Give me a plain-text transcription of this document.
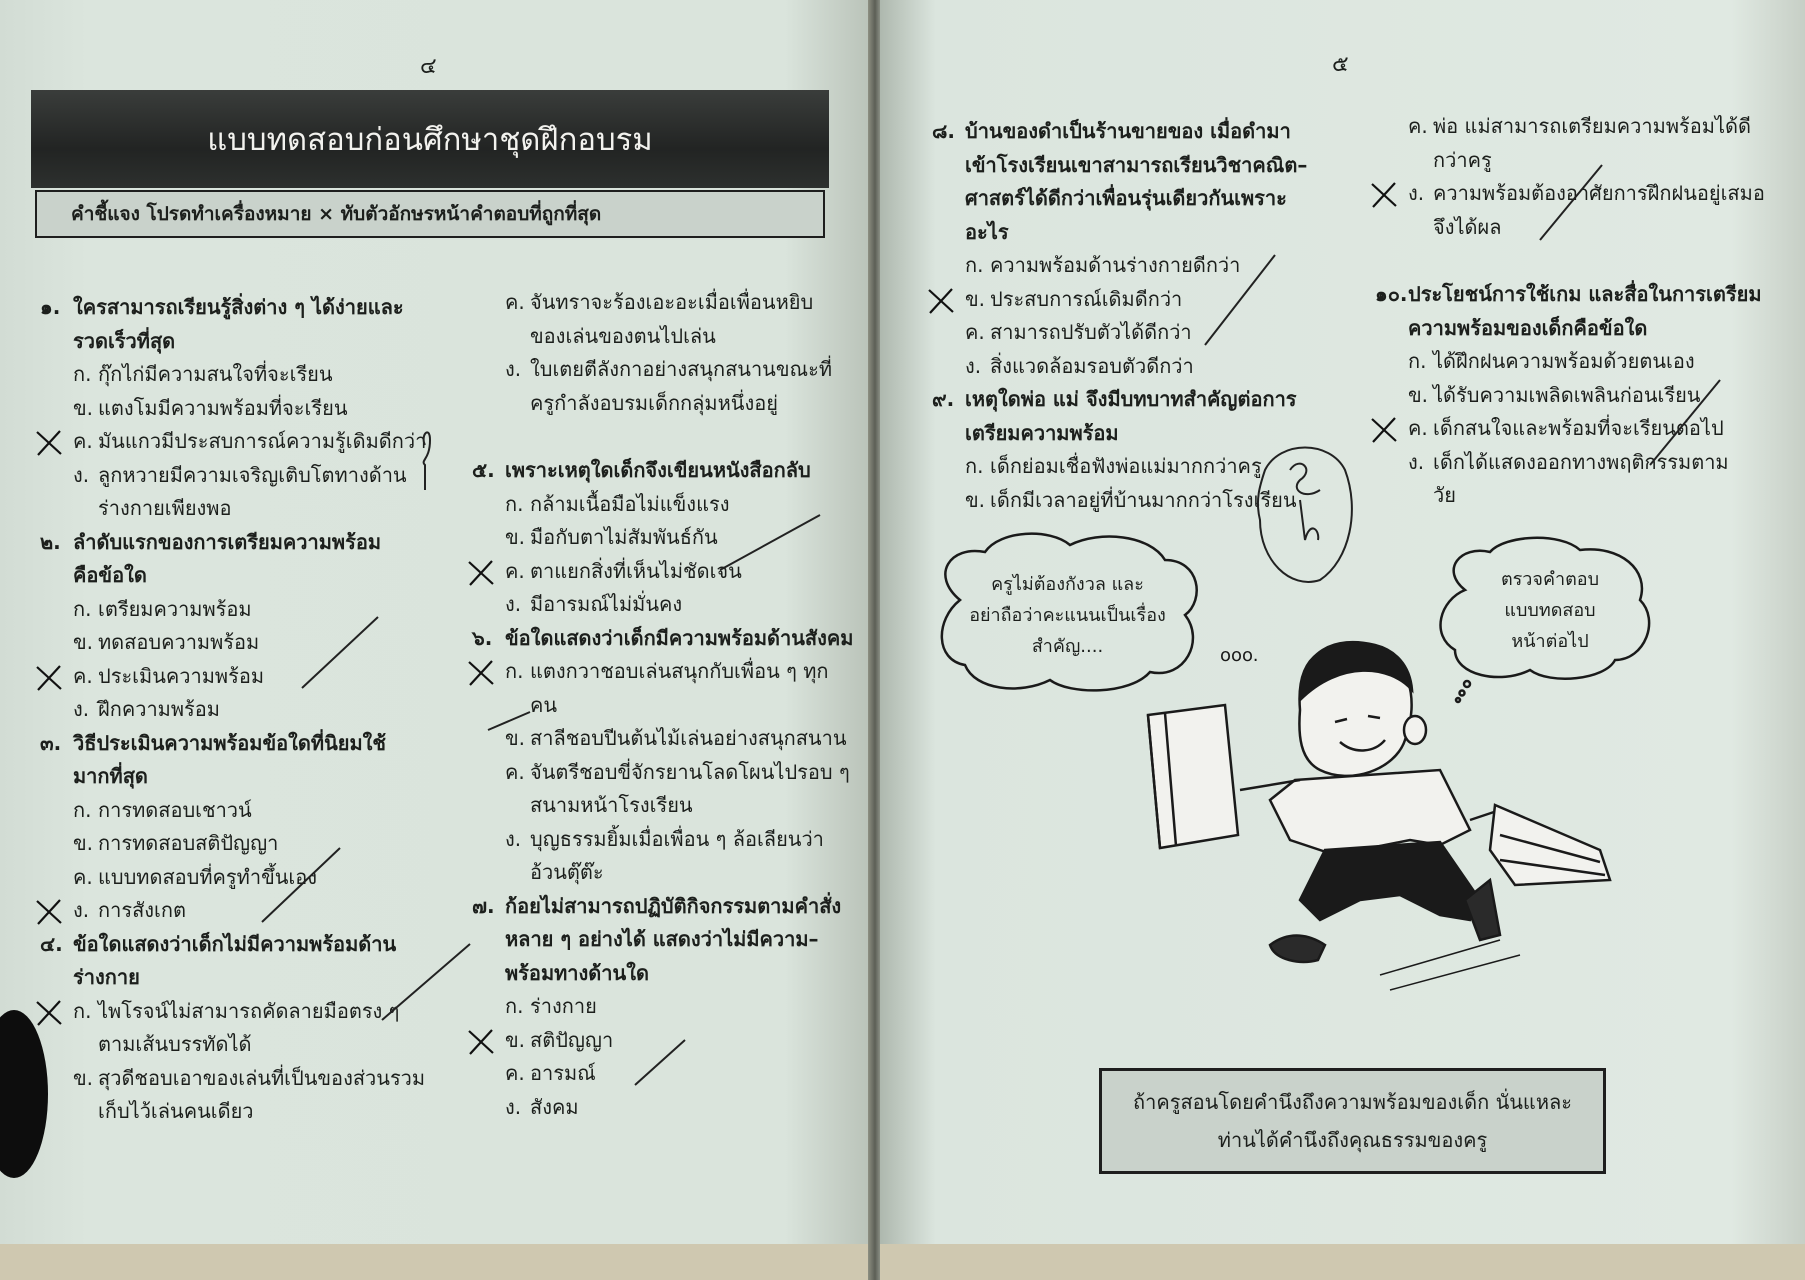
๔
แบบทดสอบก่อนศึกษาชุดฝึกอบรม
คำชี้แจง โปรดทำเครื่องหมาย × ทับตัวอักษรหน้าคำตอบที่ถูกที่สุด
๑. ใครสามารถเรียนรู้สิ่งต่าง ๆ ได้ง่ายและ
รวดเร็วที่สุด
ก. กุ๊กไก่มีความสนใจที่จะเรียน
ข. แตงโมมีความพร้อมที่จะเรียน
ค. มันแกวมีประสบการณ์ความรู้เดิมดีกว่า
ง. ลูกหวายมีความเจริญเติบโตทางด้าน
ร่างกายเพียงพอ
๒. ลำดับแรกของการเตรียมความพร้อม
คือข้อใด
ก. เตรียมความพร้อม
ข. ทดสอบความพร้อม
ค. ประเมินความพร้อม
ง. ฝึกความพร้อม
๓. วิธีประเมินความพร้อมข้อใดที่นิยมใช้
มากที่สุด
ก. การทดสอบเชาวน์
ข. การทดสอบสติปัญญา
ค. แบบทดสอบที่ครูทำขึ้นเอง
ง. การสังเกต
๔. ข้อใดแสดงว่าเด็กไม่มีความพร้อมด้าน
ร่างกาย
ก. ไพโรจน์ไม่สามารถคัดลายมือตรง ๆ
ตามเส้นบรรทัดได้
ข. สุวดีชอบเอาของเล่นที่เป็นของส่วนรวม
เก็บไว้เล่นคนเดียว
ค. จันทราจะร้องเอะอะเมื่อเพื่อนหยิบ
ของเล่นของตนไปเล่น
ง. ใบเตยตีลังกาอย่างสนุกสนานขณะที่
ครูกำลังอบรมเด็กกลุ่มหนึ่งอยู่
๕. เพราะเหตุใดเด็กจึงเขียนหนังสือกลับ
ก. กล้ามเนื้อมือไม่แข็งแรง
ข. มือกับตาไม่สัมพันธ์กัน
ค. ตาแยกสิ่งที่เห็นไม่ชัดเจน
ง. มีอารมณ์ไม่มั่นคง
๖. ข้อใดแสดงว่าเด็กมีความพร้อมด้านสังคม
ก. แตงกวาชอบเล่นสนุกกับเพื่อน ๆ ทุก
คน
ข. สาลีชอบปีนต้นไม้เล่นอย่างสนุกสนาน
ค. จันตรีชอบขี่จักรยานโลดโผนไปรอบ ๆ
สนามหน้าโรงเรียน
ง. บุญธรรมยิ้มเมื่อเพื่อน ๆ ล้อเลียนว่า
อ้วนตุ๊ต๊ะ
๗. ก้อยไม่สามารถปฏิบัติกิจกรรมตามคำสั่ง
หลาย ๆ อย่างได้ แสดงว่าไม่มีความ–
พร้อมทางด้านใด
ก. ร่างกาย
ข. สติปัญญา
ค. อารมณ์
ง. สังคม
๕
๘. บ้านของดำเป็นร้านขายของ เมื่อดำมา
เข้าโรงเรียนเขาสามารถเรียนวิชาคณิต–
ศาสตร์ได้ดีกว่าเพื่อนรุ่นเดียวกันเพราะ
อะไร
ก. ความพร้อมด้านร่างกายดีกว่า
ข. ประสบการณ์เดิมดีกว่า
ค. สามารถปรับตัวได้ดีกว่า
ง. สิ่งแวดล้อมรอบตัวดีกว่า
๙. เหตุใดพ่อ แม่ จึงมีบทบาทสำคัญต่อการ
เตรียมความพร้อม
ก. เด็กย่อมเชื่อฟังพ่อแม่มากกว่าครู
ข. เด็กมีเวลาอยู่ที่บ้านมากกว่าโรงเรียน
ค. พ่อ แม่สามารถเตรียมความพร้อมได้ดี
กว่าครู
ง. ความพร้อมต้องอาศัยการฝึกฝนอยู่เสมอ
จึงได้ผล
๑๐.ประโยชน์การใช้เกม และสื่อในการเตรียม
ความพร้อมของเด็กคือข้อใด
ก. ได้ฝึกฝนความพร้อมด้วยตนเอง
ข. ได้รับความเพลิดเพลินก่อนเรียน
ค. เด็กสนใจและพร้อมที่จะเรียนต่อไป
ง. เด็กได้แสดงออกทางพฤติกรรมตาม
วัย
ครูไม่ต้องกังวล และ
อย่าถือว่าคะแนนเป็นเรื่อง
สำคัญ....
ตรวจคำตอบ
แบบทดสอบ
หน้าต่อไป
ooo.
ถ้าครูสอนโดยคำนึงถึงความพร้อมของเด็ก นั่นแหละ
ท่านได้คำนึงถึงคุณธรรมของครู
